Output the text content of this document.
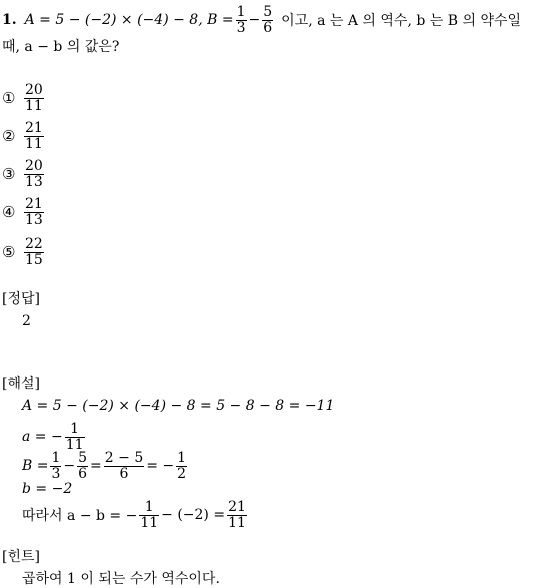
1. A = 5 − (−2) × (−4) − 8, $B = \frac{1}{3} - \frac{5}{6}$ 이고, a 는 A 의 역수, b 는 B 의 약수일
때, a − b 의 값은?
① $\frac{20}{11}$
② $\frac{21}{11}$
③ $\frac{20}{13}$
④ $\frac{21}{13}$
⑤ $\frac{22}{15}$
[정답]
2
[해설]
A = 5 − (−2) × (−4) − 8 = 5 − 8 − 8 = −11
a = − $\frac{1}{11}$
$B = \frac{1}{3} - \frac{5}{6} = \frac{2 - 5}{6}$ = − $\frac{1}{2}$
b = −2
따라서 a − b = − $\frac{1}{11} - (-2) = \frac{21}{11}$
[힌트]
곱하여 1 이 되는 수가 역수이다.
